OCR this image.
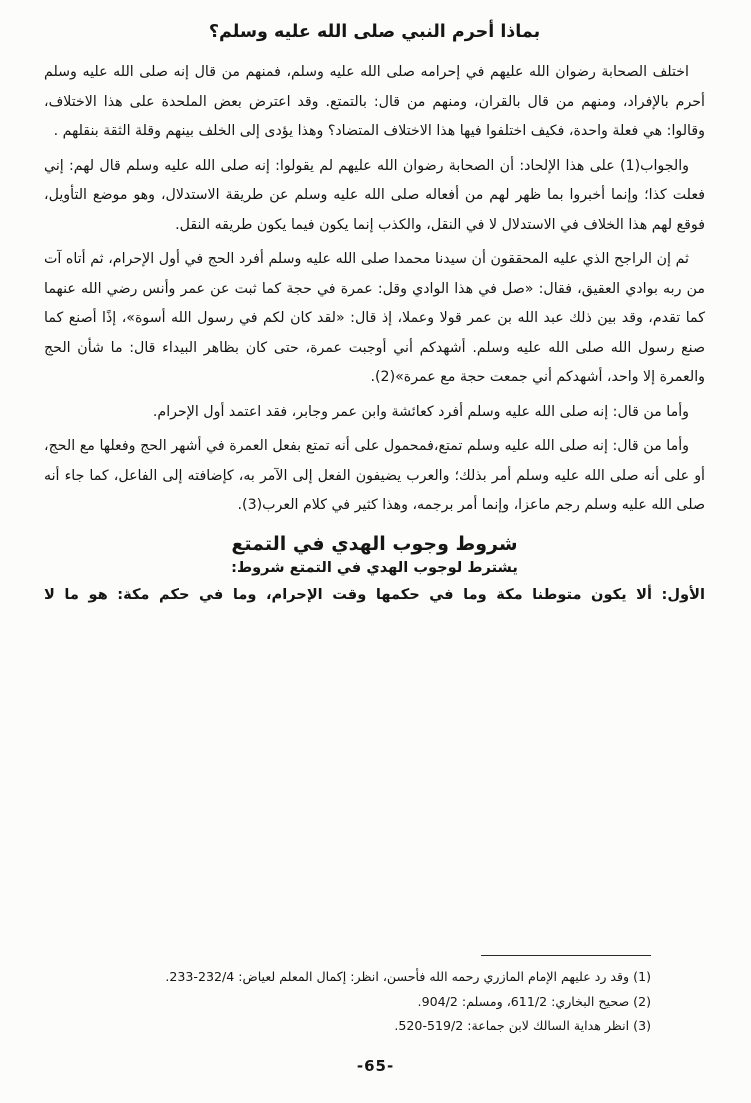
بماذا أحرم النبي صلى الله عليه وسلم؟

اختلف الصحابة رضوان الله عليهم في إحرامه صلى الله عليه وسلم، فمنهم من قال إنه صلى الله عليه وسلم أحرم بالإفراد، ومنهم من قال بالقران، ومنهم من قال: بالتمتع. وقد اعترض بعض الملحدة على هذا الاختلاف، وقالوا: هي فعلة واحدة، فكيف اختلفوا فيها هذا الاختلاف المتضاد؟ وهذا يؤدى إلى الخلف بينهم وقلة الثقة بنقلهم .

والجواب(1) على هذا الإلحاد: أن الصحابة رضوان الله عليهم لم يقولوا: إنه صلى الله عليه وسلم قال لهم: إني فعلت كذا؛ وإنما أخبروا بما ظهر لهم من أفعاله صلى الله عليه وسلم عن طريقة الاستدلال، وهو موضع التأويل، فوقع لهم هذا الخلاف في الاستدلال لا في النقل، والكذب إنما يكون فيما يكون طريقه النقل.

ثم إن الراجح الذي عليه المحققون أن سيدنا محمدا صلى الله عليه وسلم أفرد الحج في أول الإحرام، ثم أتاه آت من ربه بوادي العقيق، فقال: «صل في هذا الوادي وقل: عمرة في حجة كما ثبت عن عمر وأنس رضي الله عنهما كما تقدم، وقد بين ذلك عبد الله بن عمر قولا وعملا، إذ قال: «لقد كان لكم في رسول الله أسوة»، إذًا أصنع كما صنع رسول الله صلى الله عليه وسلم. أشهدكم أني أوجبت عمرة، حتى كان بظاهر البيداء قال: ما شأن الحج والعمرة إلا واحد، أشهدكم أني جمعت حجة مع عمرة»(2).

وأما من قال: إنه صلى الله عليه وسلم أفرد كعائشة وابن عمر وجابر، فقد اعتمد أول الإحرام.

وأما من قال: إنه صلى الله عليه وسلم تمتع،فمحمول على أنه تمتع بفعل العمرة في أشهر الحج وفعلها مع الحج، أو على أنه صلى الله عليه وسلم أمر بذلك؛ والعرب يضيفون الفعل إلى الآمر به، كإضافته إلى الفاعل، كما جاء أنه صلى الله عليه وسلم رجم ماعزا، وإنما أمر برجمه، وهذا كثير في كلام العرب(3).

شروط وجوب الهدي في التمتع

يشترط لوجوب الهدي في التمتع شروط:

الأول: ألا يكون متوطنا مكة وما في حكمها وقت الإحرام، وما في حكم مكة: هو ما لا

(1) وقد رد عليهم الإمام المازري رحمه الله فأحسن، انظر: إكمال المعلم لعياض: 232/4-233.

(2) صحيح البخاري: 611/2، ومسلم: 904/2.

(3) انظر هداية السالك لابن جماعة: 519/2-520.

-65-
